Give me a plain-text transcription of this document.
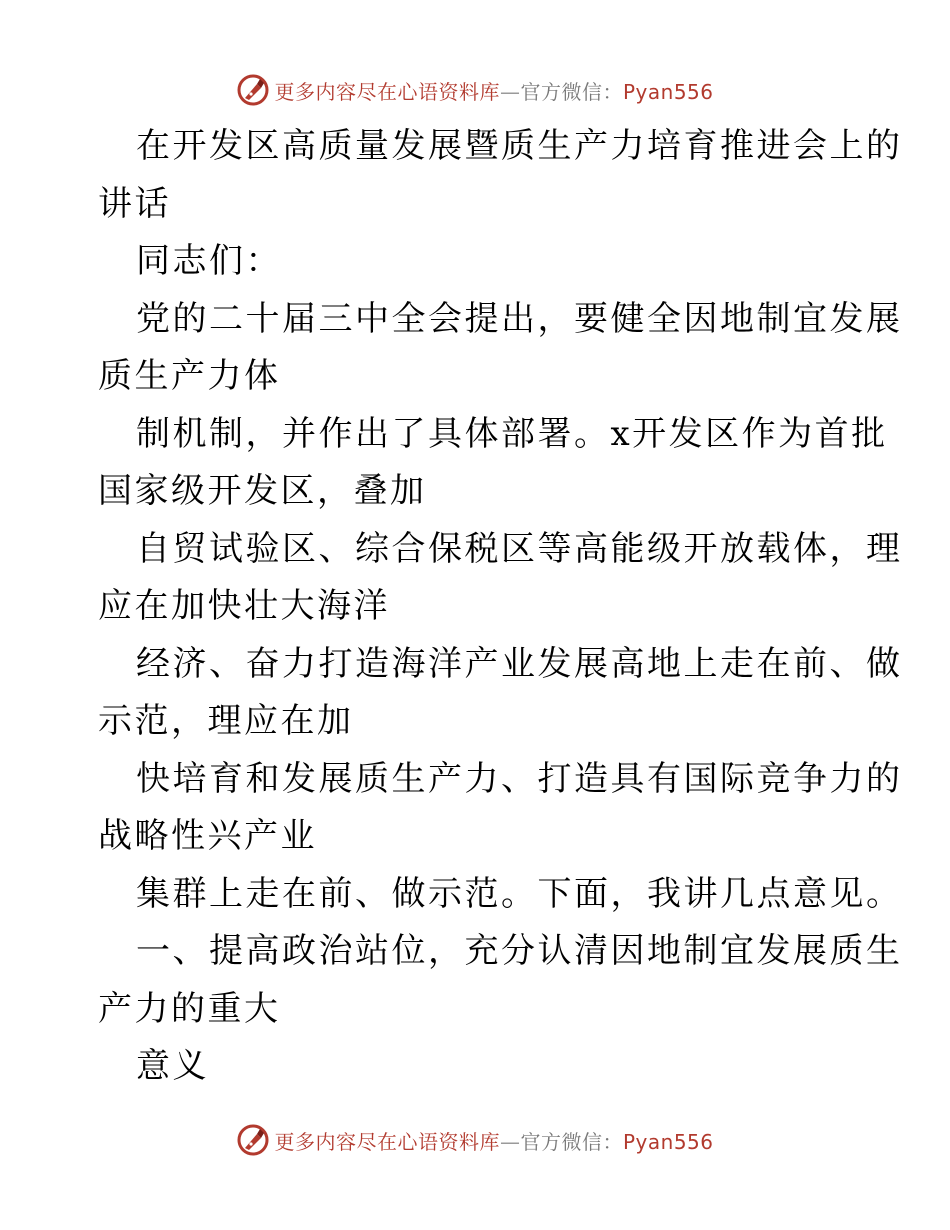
更多内容尽在心语资料库—官方微信：Pyan556
在开发区高质量发展暨质生产力培育推进会上的
讲话
同志们：
党的二十届三中全会提出，要健全因地制宜发展
质生产力体
制机制，并作出了具体部署。x开发区作为首批
国家级开发区，叠加
自贸试验区、综合保税区等高能级开放载体，理
应在加快壮大海洋
经济、奋力打造海洋产业发展高地上走在前、做
示范，理应在加
快培育和发展质生产力、打造具有国际竞争力的
战略性兴产业
集群上走在前、做示范。下面，我讲几点意见。
一、提高政治站位，充分认清因地制宜发展质生
产力的重大
意义
更多内容尽在心语资料库—官方微信：Pyan556
